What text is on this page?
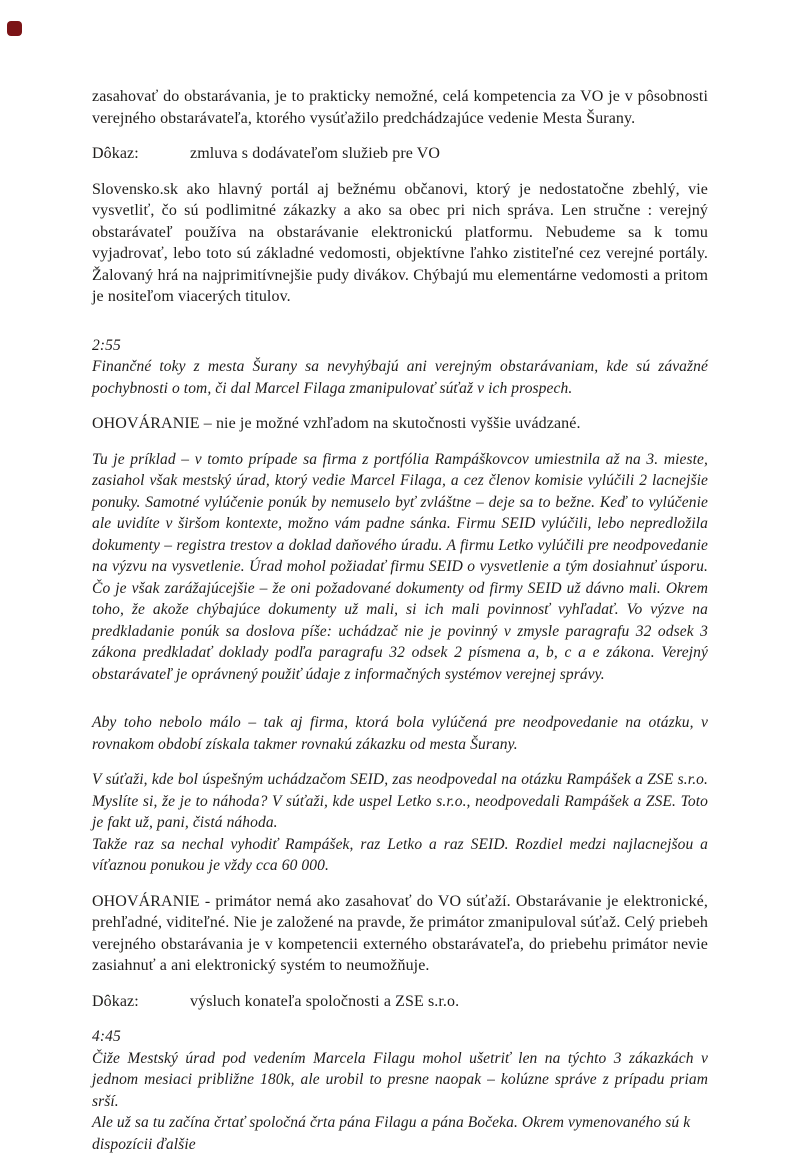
zasahovať do obstarávania, je to prakticky nemožné, celá kompetencia za VO je v pôsobnosti verejného obstarávateľa, ktorého vysúťažilo predchádzajúce vedenie Mesta Šurany.

Dôkaz:	zmluva s dodávateľom služieb pre VO

Slovensko.sk ako hlavný portál aj bežnému občanovi, ktorý je nedostatočne zbehlý, vie vysvetliť, čo sú podlimitné zákazky a ako sa obec pri nich správa. Len stručne : verejný obstarávateľ používa na obstarávanie elektronickú platformu. Nebudeme sa k tomu vyjadrovať, lebo toto sú základné vedomosti, objektívne ľahko zistiteľné cez verejné portály. Žalovaný hrá na najprimitívnejšie pudy divákov. Chýbajú mu elementárne vedomosti a pritom je nositeľom viacerých titulov.

2:55

Finančné toky z mesta Šurany sa nevyhýbajú ani verejným obstarávaniam, kde sú závažné pochybnosti o tom, či dal Marcel Filaga zmanipulovať súťaž v ich prospech.

OHOVÁRANIE – nie je možné vzhľadom na skutočnosti vyššie uvádzané.

Tu je príklad – v tomto prípade sa firma z portfólia Rampáškovcov umiestnila až na 3. mieste, zasiahol však mestský úrad, ktorý vedie Marcel Filaga, a cez členov komisie vylúčili 2 lacnejšie ponuky. Samotné vylúčenie ponúk by nemuselo byť zvláštne – deje sa to bežne. Keď to vylúčenie ale uvidíte v širšom kontexte, možno vám padne sánka. Firmu SEID vylúčili, lebo nepredložila dokumenty – registra trestov a doklad daňového úradu. A firmu Letko vylúčili pre neodpovedanie na výzvu na vysvetlenie. Úrad mohol požiadať firmu SEID o vysvetlenie a tým dosiahnuť úsporu. Čo je však zarážajúcejšie – že oni požadované dokumenty od firmy SEID už dávno mali. Okrem toho, že akože chýbajúce dokumenty už mali, si ich mali povinnosť vyhľadať. Vo výzve na predkladanie ponúk sa doslova píše: uchádzač nie je povinný v zmysle paragrafu 32 odsek 3 zákona predkladať doklady podľa paragrafu 32 odsek 2 písmena a, b, c a e zákona. Verejný obstarávateľ je oprávnený použiť údaje z informačných systémov verejnej správy.

Aby toho nebolo málo – tak aj firma, ktorá bola vylúčená pre neodpovedanie na otázku, v rovnakom období získala takmer rovnakú zákazku od mesta Šurany.

V súťaži, kde bol úspešným uchádzačom SEID, zas neodpovedal na otázku Rampášek a ZSE s.r.o. Myslíte si, že je to náhoda? V súťaži, kde uspel Letko s.r.o., neodpovedali Rampášek a ZSE. Toto je fakt už, pani, čistá náhoda.

Takže raz sa nechal vyhodiť Rampášek, raz Letko a raz SEID. Rozdiel medzi najlacnejšou a víťaznou ponukou je vždy cca 60 000.

OHOVÁRANIE - primátor nemá ako zasahovať do VO súťaží. Obstarávanie je elektronické, prehľadné, viditeľné. Nie je založené na pravde, že primátor zmanipuloval súťaž. Celý priebeh verejného obstarávania je v kompetencii externého obstarávateľa, do priebehu primátor nevie zasiahnuť a ani elektronický systém to neumožňuje.

Dôkaz:	výsluch konateľa spoločnosti a ZSE s.r.o.

4:45

Čiže Mestský úrad pod vedením Marcela Filagu mohol ušetriť len na týchto 3 zákazkách v jednom mesiaci približne 180k, ale urobil to presne naopak – kolúzne správe z prípadu priam srší.

Ale už sa tu začína črtať spoločná črta pána Filagu a pána Bočeka. Okrem vymenovaného sú k dispozícii ďalšie
